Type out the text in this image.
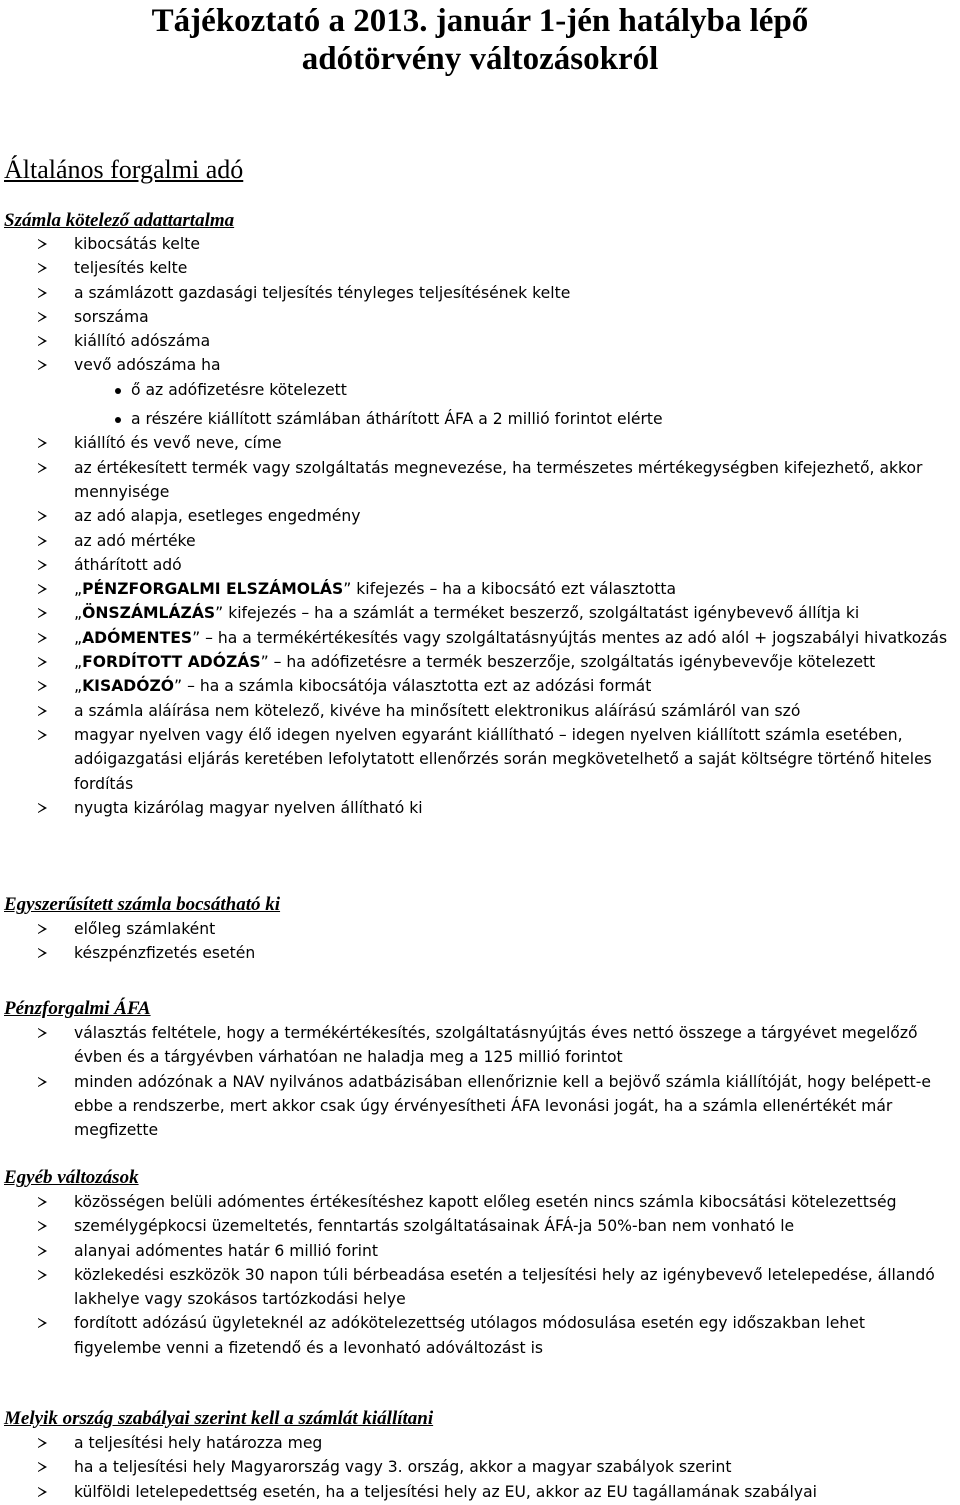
Tájékoztató a 2013. január 1-jén hatályba lépő
adótörvény változásokról
Általános forgalmi adó
Számla kötelező adattartalma
kibocsátás kelte
teljesítés kelte
a számlázott gazdasági teljesítés tényleges teljesítésének kelte
sorszáma
kiállító adószáma
vevő adószáma ha
ő az adófizetésre kötelezett
a részére kiállított számlában áthárított ÁFA a 2 millió forintot elérte
kiállító és vevő neve, címe
az értékesített termék vagy szolgáltatás megnevezése, ha természetes mértékegységben kifejezhető, akkor mennyisége
az adó alapja, esetleges engedmény
az adó mértéke
áthárított adó
„PÉNZFORGALMI ELSZÁMOLÁS” kifejezés – ha a kibocsátó ezt választotta
„ÖNSZÁMLÁZÁS” kifejezés – ha a számlát a terméket beszerző, szolgáltatást igénybevevő állítja ki
„ADÓMENTES” – ha a termékértékesítés vagy szolgáltatásnyújtás mentes az adó alól + jogszabályi hivatkozás
„FORDÍTOTT ADÓZÁS” – ha adófizetésre a termék beszerzője, szolgáltatás igénybevevője kötelezett
„KISADÓZÓ” – ha a számla kibocsátója választotta ezt az adózási formát
a számla aláírása nem kötelező, kivéve ha minősített elektronikus aláírású számláról van szó
magyar nyelven vagy élő idegen nyelven egyaránt kiállítható – idegen nyelven kiállított számla esetében, adóigazgatási eljárás keretében lefolytatott ellenőrzés során megkövetelhető a saját költségre történő hiteles fordítás
nyugta kizárólag magyar nyelven állítható ki
Egyszerűsített számla bocsátható ki
előleg számlaként
készpénzfizetés esetén
Pénzforgalmi ÁFA
választás feltétele, hogy a termékértékesítés, szolgáltatásnyújtás éves nettó összege a tárgyévet megelőző évben és a tárgyévben várhatóan ne haladja meg a 125 millió forintot
minden adózónak a NAV nyilvános adatbázisában ellenőriznie kell a bejövő számla kiállítóját, hogy belépett-e ebbe a rendszerbe, mert akkor csak úgy érvényesítheti ÁFA levonási jogát, ha a számla ellenértékét már megfizette
Egyéb változások
közösségen belüli adómentes értékesítéshez kapott előleg esetén nincs számla kibocsátási kötelezettség
személygépkocsi üzemeltetés, fenntartás szolgáltatásainak ÁFÁ-ja 50%-ban nem vonható le
alanyai adómentes határ 6 millió forint
közlekedési eszközök 30 napon túli bérbeadása esetén a teljesítési hely az igénybevevő letelepedése, állandó lakhelye vagy szokásos tartózkodási helye
fordított adózású ügyleteknél az adókötelezettség utólagos módosulása esetén egy időszakban lehet figyelembe venni a fizetendő és a levonható adóváltozást is
Melyik ország szabályai szerint kell a számlát kiállítani
a teljesítési hely határozza meg
ha a teljesítési hely Magyarország vagy 3. ország, akkor a magyar szabályok szerint
külföldi letelepedettség esetén, ha a teljesítési hely az EU, akkor az EU tagállamának szabályai
